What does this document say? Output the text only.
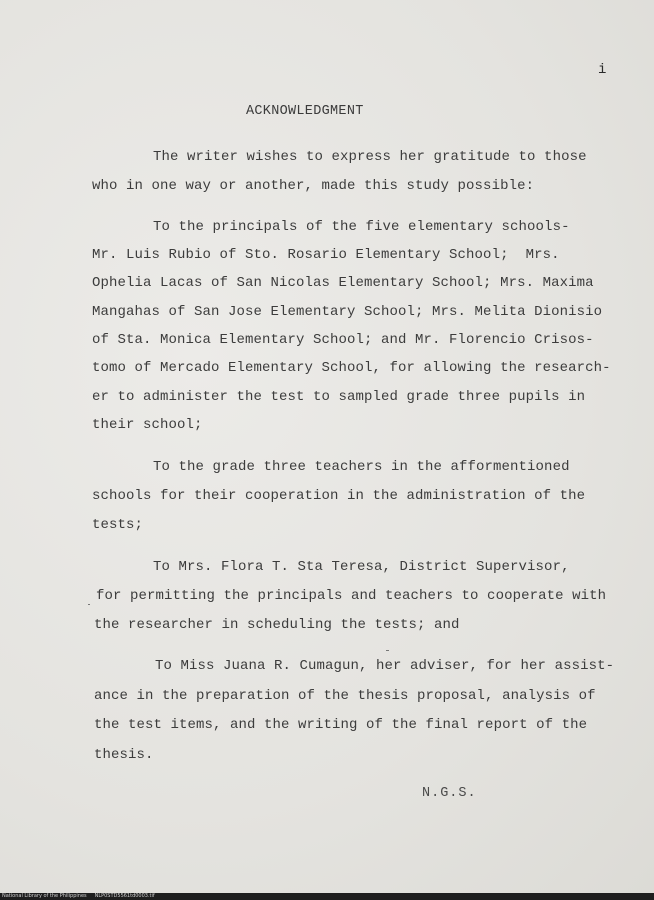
i
ACKNOWLEDGMENT
The writer wishes to express her gratitude to those
who in one way or another, made this study possible:
To the principals of the five elementary schools-
Mr. Luis Rubio of Sto. Rosario Elementary School;  Mrs.
Ophelia Lacas of San Nicolas Elementary School; Mrs. Maxima
Mangahas of San Jose Elementary School; Mrs. Melita Dionisio
of Sta. Monica Elementary School; and Mr. Florencio Crisos-
tomo of Mercado Elementary School, for allowing the research-
er to administer the test to sampled grade three pupils in
their school;
To the grade three teachers in the afformentioned
schools for their cooperation in the administration of the
tests;
To Mrs. Flora T. Sta Teresa, District Supervisor,
for permitting the principals and teachers to cooperate with
the researcher in scheduling the tests; and
To Miss Juana R. Cumagun, her adviser, for her assist-
ance in the preparation of the thesis proposal, analysis of
the test items, and the writing of the final report of the
thesis.
N.G.S.
National Library of the Philippines     NLP0STD5561td0003.tif
